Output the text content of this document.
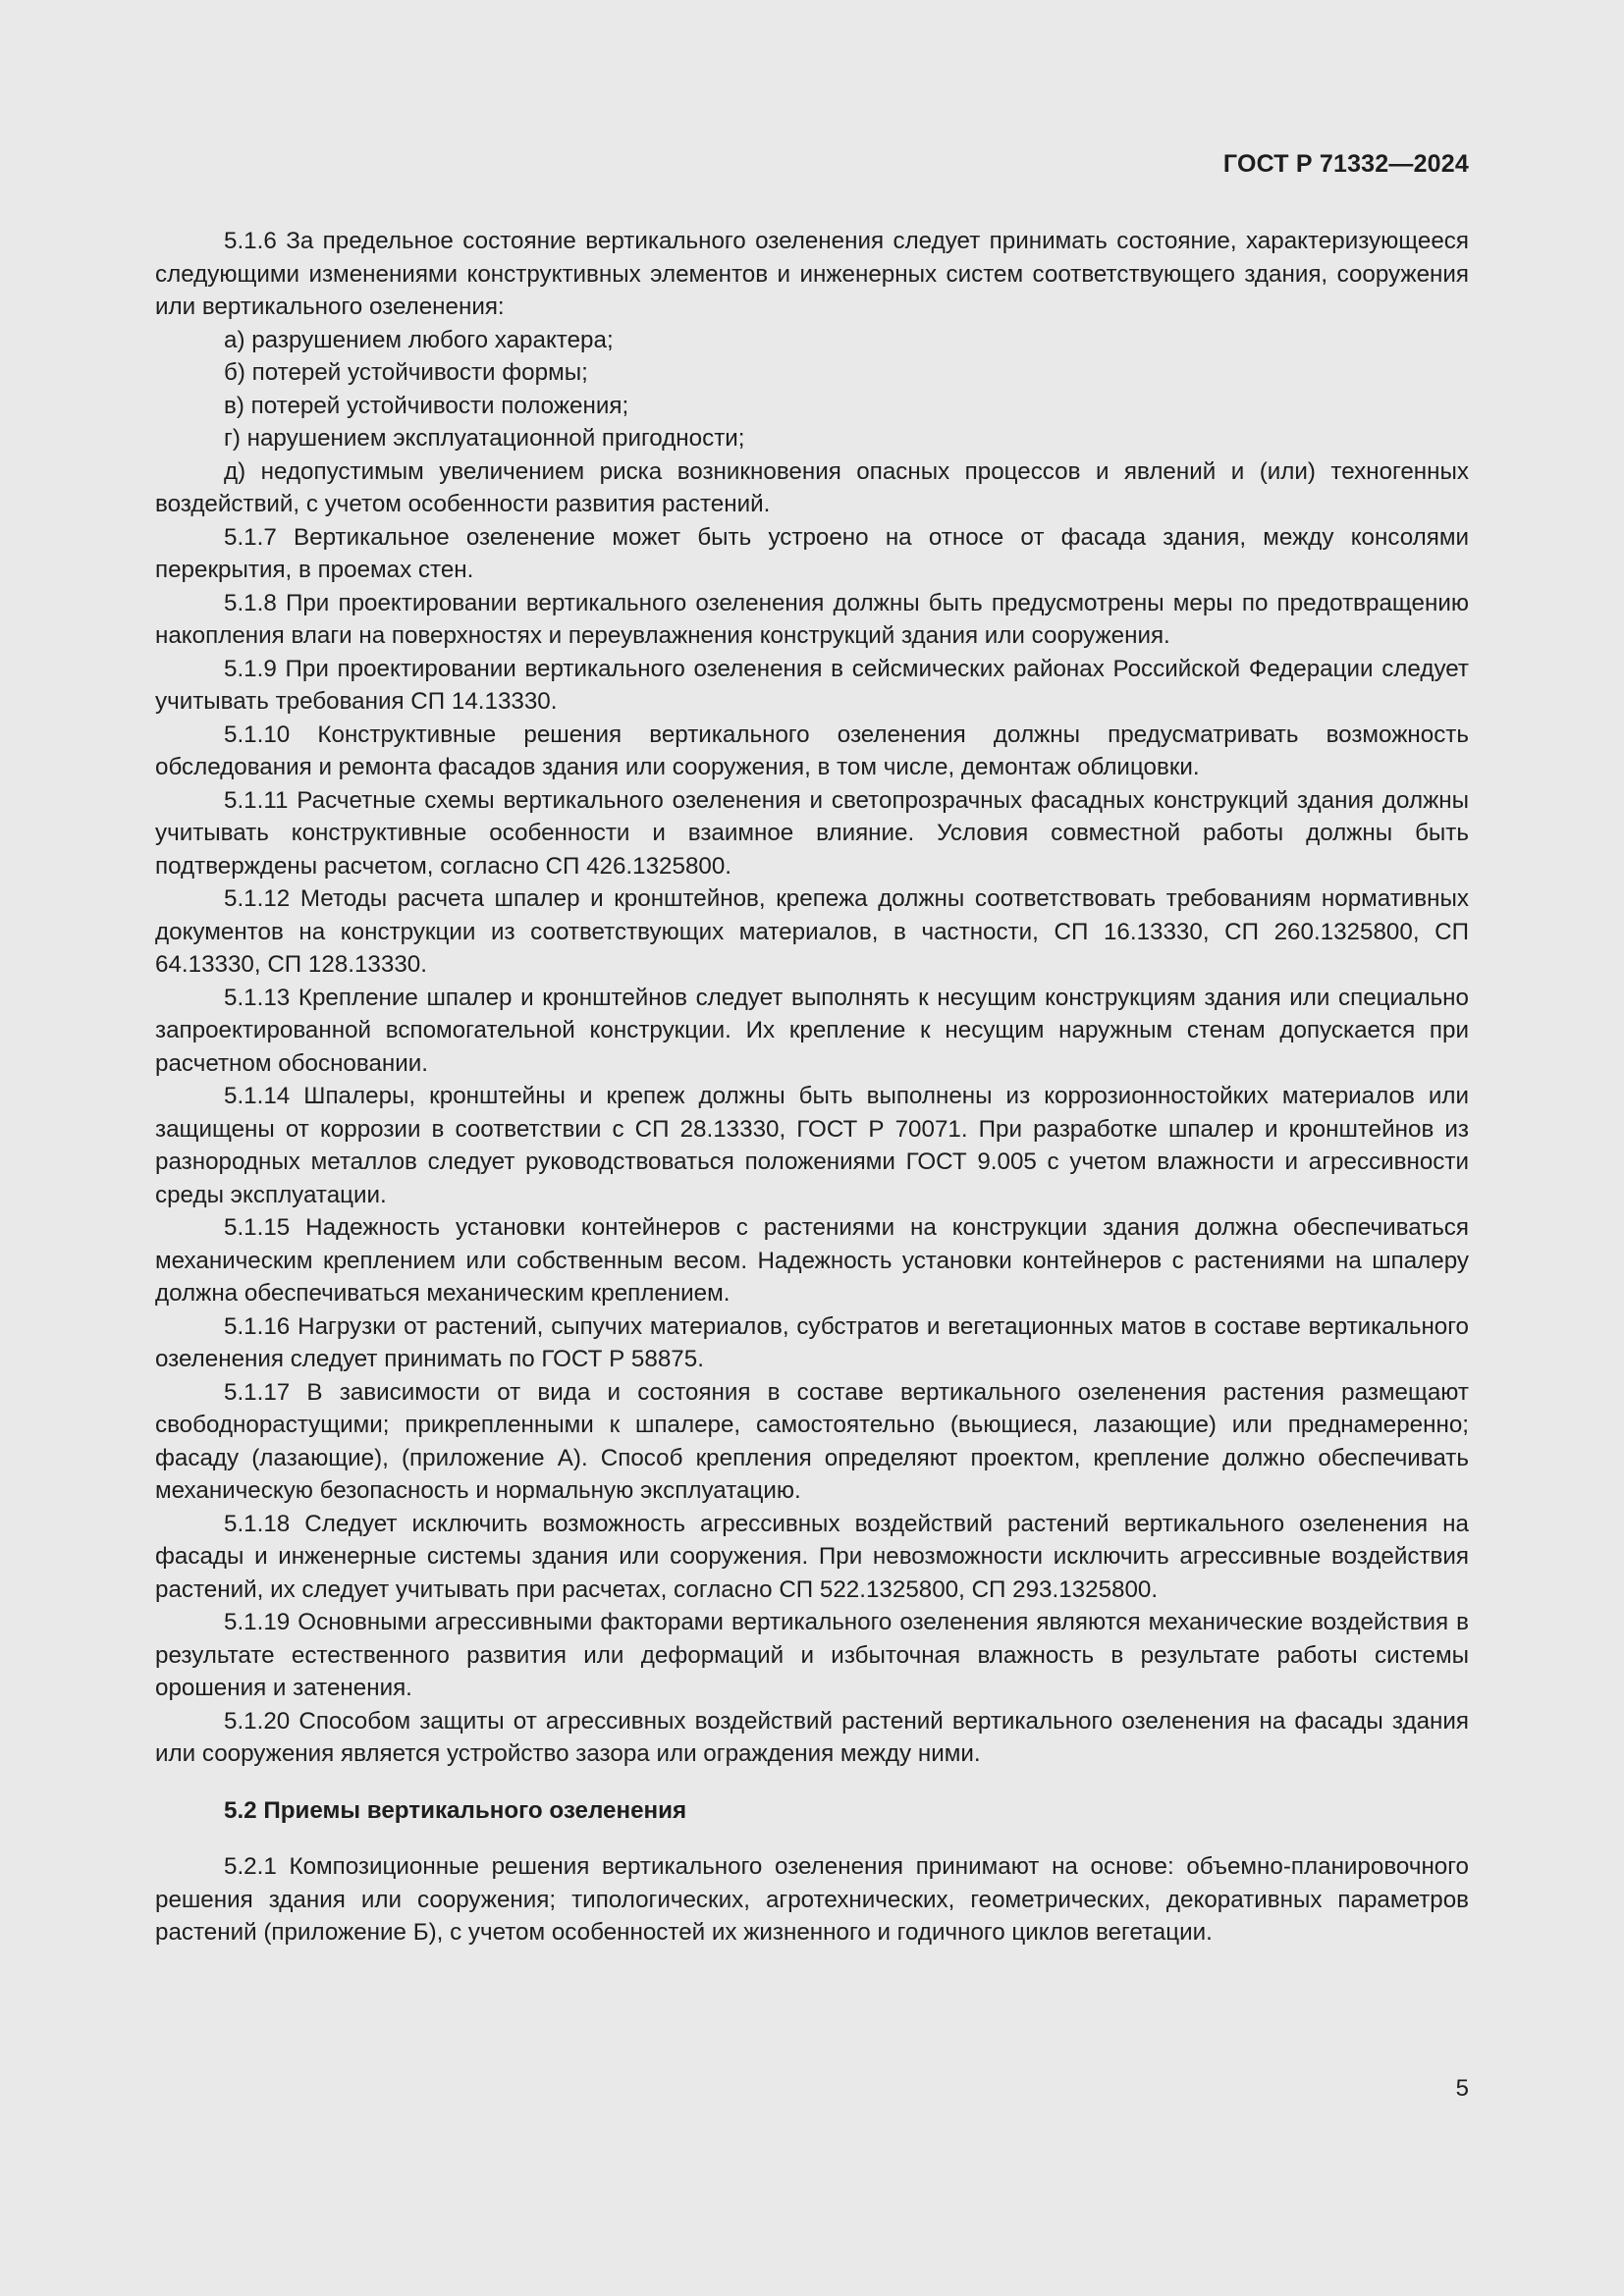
ГОСТ Р 71332—2024

5.1.6 За предельное состояние вертикального озеленения следует принимать состояние, характеризующееся следующими изменениями конструктивных элементов и инженерных систем соответствующего здания, сооружения или вертикального озеленения:

а) разрушением любого характера;

б) потерей устойчивости формы;

в) потерей устойчивости положения;

г) нарушением эксплуатационной пригодности;

д) недопустимым увеличением риска возникновения опасных процессов и явлений и (или) техногенных воздействий, с учетом особенности развития растений.

5.1.7 Вертикальное озеленение может быть устроено на относе от фасада здания, между консолями перекрытия, в проемах стен.

5.1.8 При проектировании вертикального озеленения должны быть предусмотрены меры по предотвращению накопления влаги на поверхностях и переувлажнения конструкций здания или сооружения.

5.1.9 При проектировании вертикального озеленения в сейсмических районах Российской Федерации следует учитывать требования СП 14.13330.

5.1.10 Конструктивные решения вертикального озеленения должны предусматривать возможность обследования и ремонта фасадов здания или сооружения, в том числе, демонтаж облицовки.

5.1.11 Расчетные схемы вертикального озеленения и светопрозрачных фасадных конструкций здания должны учитывать конструктивные особенности и взаимное влияние. Условия совместной работы должны быть подтверждены расчетом, согласно СП 426.1325800.

5.1.12 Методы расчета шпалер и кронштейнов, крепежа должны соответствовать требованиям нормативных документов на конструкции из соответствующих материалов, в частности, СП 16.13330, СП 260.1325800, СП 64.13330, СП 128.13330.

5.1.13 Крепление шпалер и кронштейнов следует выполнять к несущим конструкциям здания или специально запроектированной вспомогательной конструкции. Их крепление к несущим наружным стенам допускается при расчетном обосновании.

5.1.14 Шпалеры, кронштейны и крепеж должны быть выполнены из коррозионностойких материалов или защищены от коррозии в соответствии с СП 28.13330, ГОСТ Р 70071. При разработке шпалер и кронштейнов из разнородных металлов следует руководствоваться положениями ГОСТ 9.005 с учетом влажности и агрессивности среды эксплуатации.

5.1.15 Надежность установки контейнеров с растениями на конструкции здания должна обеспечиваться механическим креплением или собственным весом. Надежность установки контейнеров с растениями на шпалеру должна обеспечиваться механическим креплением.

5.1.16 Нагрузки от растений, сыпучих материалов, субстратов и вегетационных матов в составе вертикального озеленения следует принимать по ГОСТ Р 58875.

5.1.17 В зависимости от вида и состояния в составе вертикального озеленения растения размещают свободнорастущими; прикрепленными к шпалере, самостоятельно (вьющиеся, лазающие) или преднамеренно; фасаду (лазающие), (приложение А). Способ крепления определяют проектом, крепление должно обеспечивать механическую безопасность и нормальную эксплуатацию.

5.1.18 Следует исключить возможность агрессивных воздействий растений вертикального озеленения на фасады и инженерные системы здания или сооружения. При невозможности исключить агрессивные воздействия растений, их следует учитывать при расчетах, согласно СП 522.1325800, СП 293.1325800.

5.1.19 Основными агрессивными факторами вертикального озеленения являются механические воздействия в результате естественного развития или деформаций и избыточная влажность в результате работы системы орошения и затенения.

5.1.20 Способом защиты от агрессивных воздействий растений вертикального озеленения на фасады здания или сооружения является устройство зазора или ограждения между ними.

5.2 Приемы вертикального озеленения

5.2.1 Композиционные решения вертикального озеленения принимают на основе: объемно-планировочного решения здания или сооружения; типологических, агротехнических, геометрических, декоративных параметров растений (приложение Б), с учетом особенностей их жизненного и годичного циклов вегетации.

5
